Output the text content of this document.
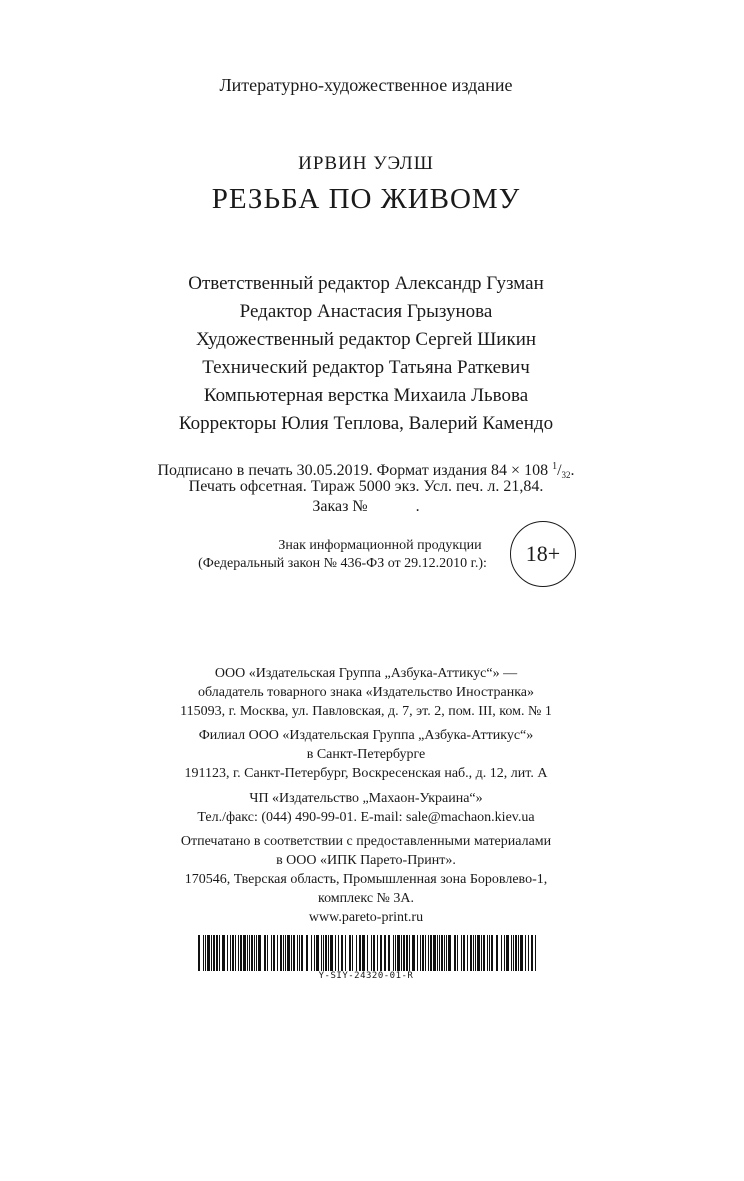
Литературно-художественное издание
ИРВИН УЭЛШ
РЕЗЬБА ПО ЖИВОМУ
Ответственный редактор Александр Гузман
Редактор Анастасия Грызунова
Художественный редактор Сергей Шикин
Технический редактор Татьяна Раткевич
Компьютерная верстка Михаила Львова
Корректоры Юлия Теплова, Валерий Камендо
Подписано в печать 30.05.2019. Формат издания 84 × 108 $^1/_{32}$.
Печать офсетная. Тираж 5000 экз. Усл. печ. л. 21,84.
Заказ №	.
Знак информационной продукции
(Федеральный закон № 436-ФЗ от 29.12.2010 г.):	18+
ООО «Издательская Группа „Азбука-Аттикус“» —
обладатель товарного знака «Издательство Иностранка»
115093, г. Москва, ул. Павловская, д. 7, эт. 2, пом. III, ком. № 1
Филиал ООО «Издательская Группа „Азбука-Аттикус“»
в Санкт-Петербурге
191123, г. Санкт-Петербург, Воскресенская наб., д. 12, лит. А
ЧП «Издательство „Махаон-Украина“»
Тел./факс: (044) 490-99-01. E-mail: sale@machaon.kiev.ua
Отпечатано в соответствии с предоставленными материалами
в ООО «ИПК Парето-Принт».
170546, Тверская область, Промышленная зона Боровлево-1,
комплекс № 3А.
www.pareto-print.ru
Y-SIY-24320-01-R
